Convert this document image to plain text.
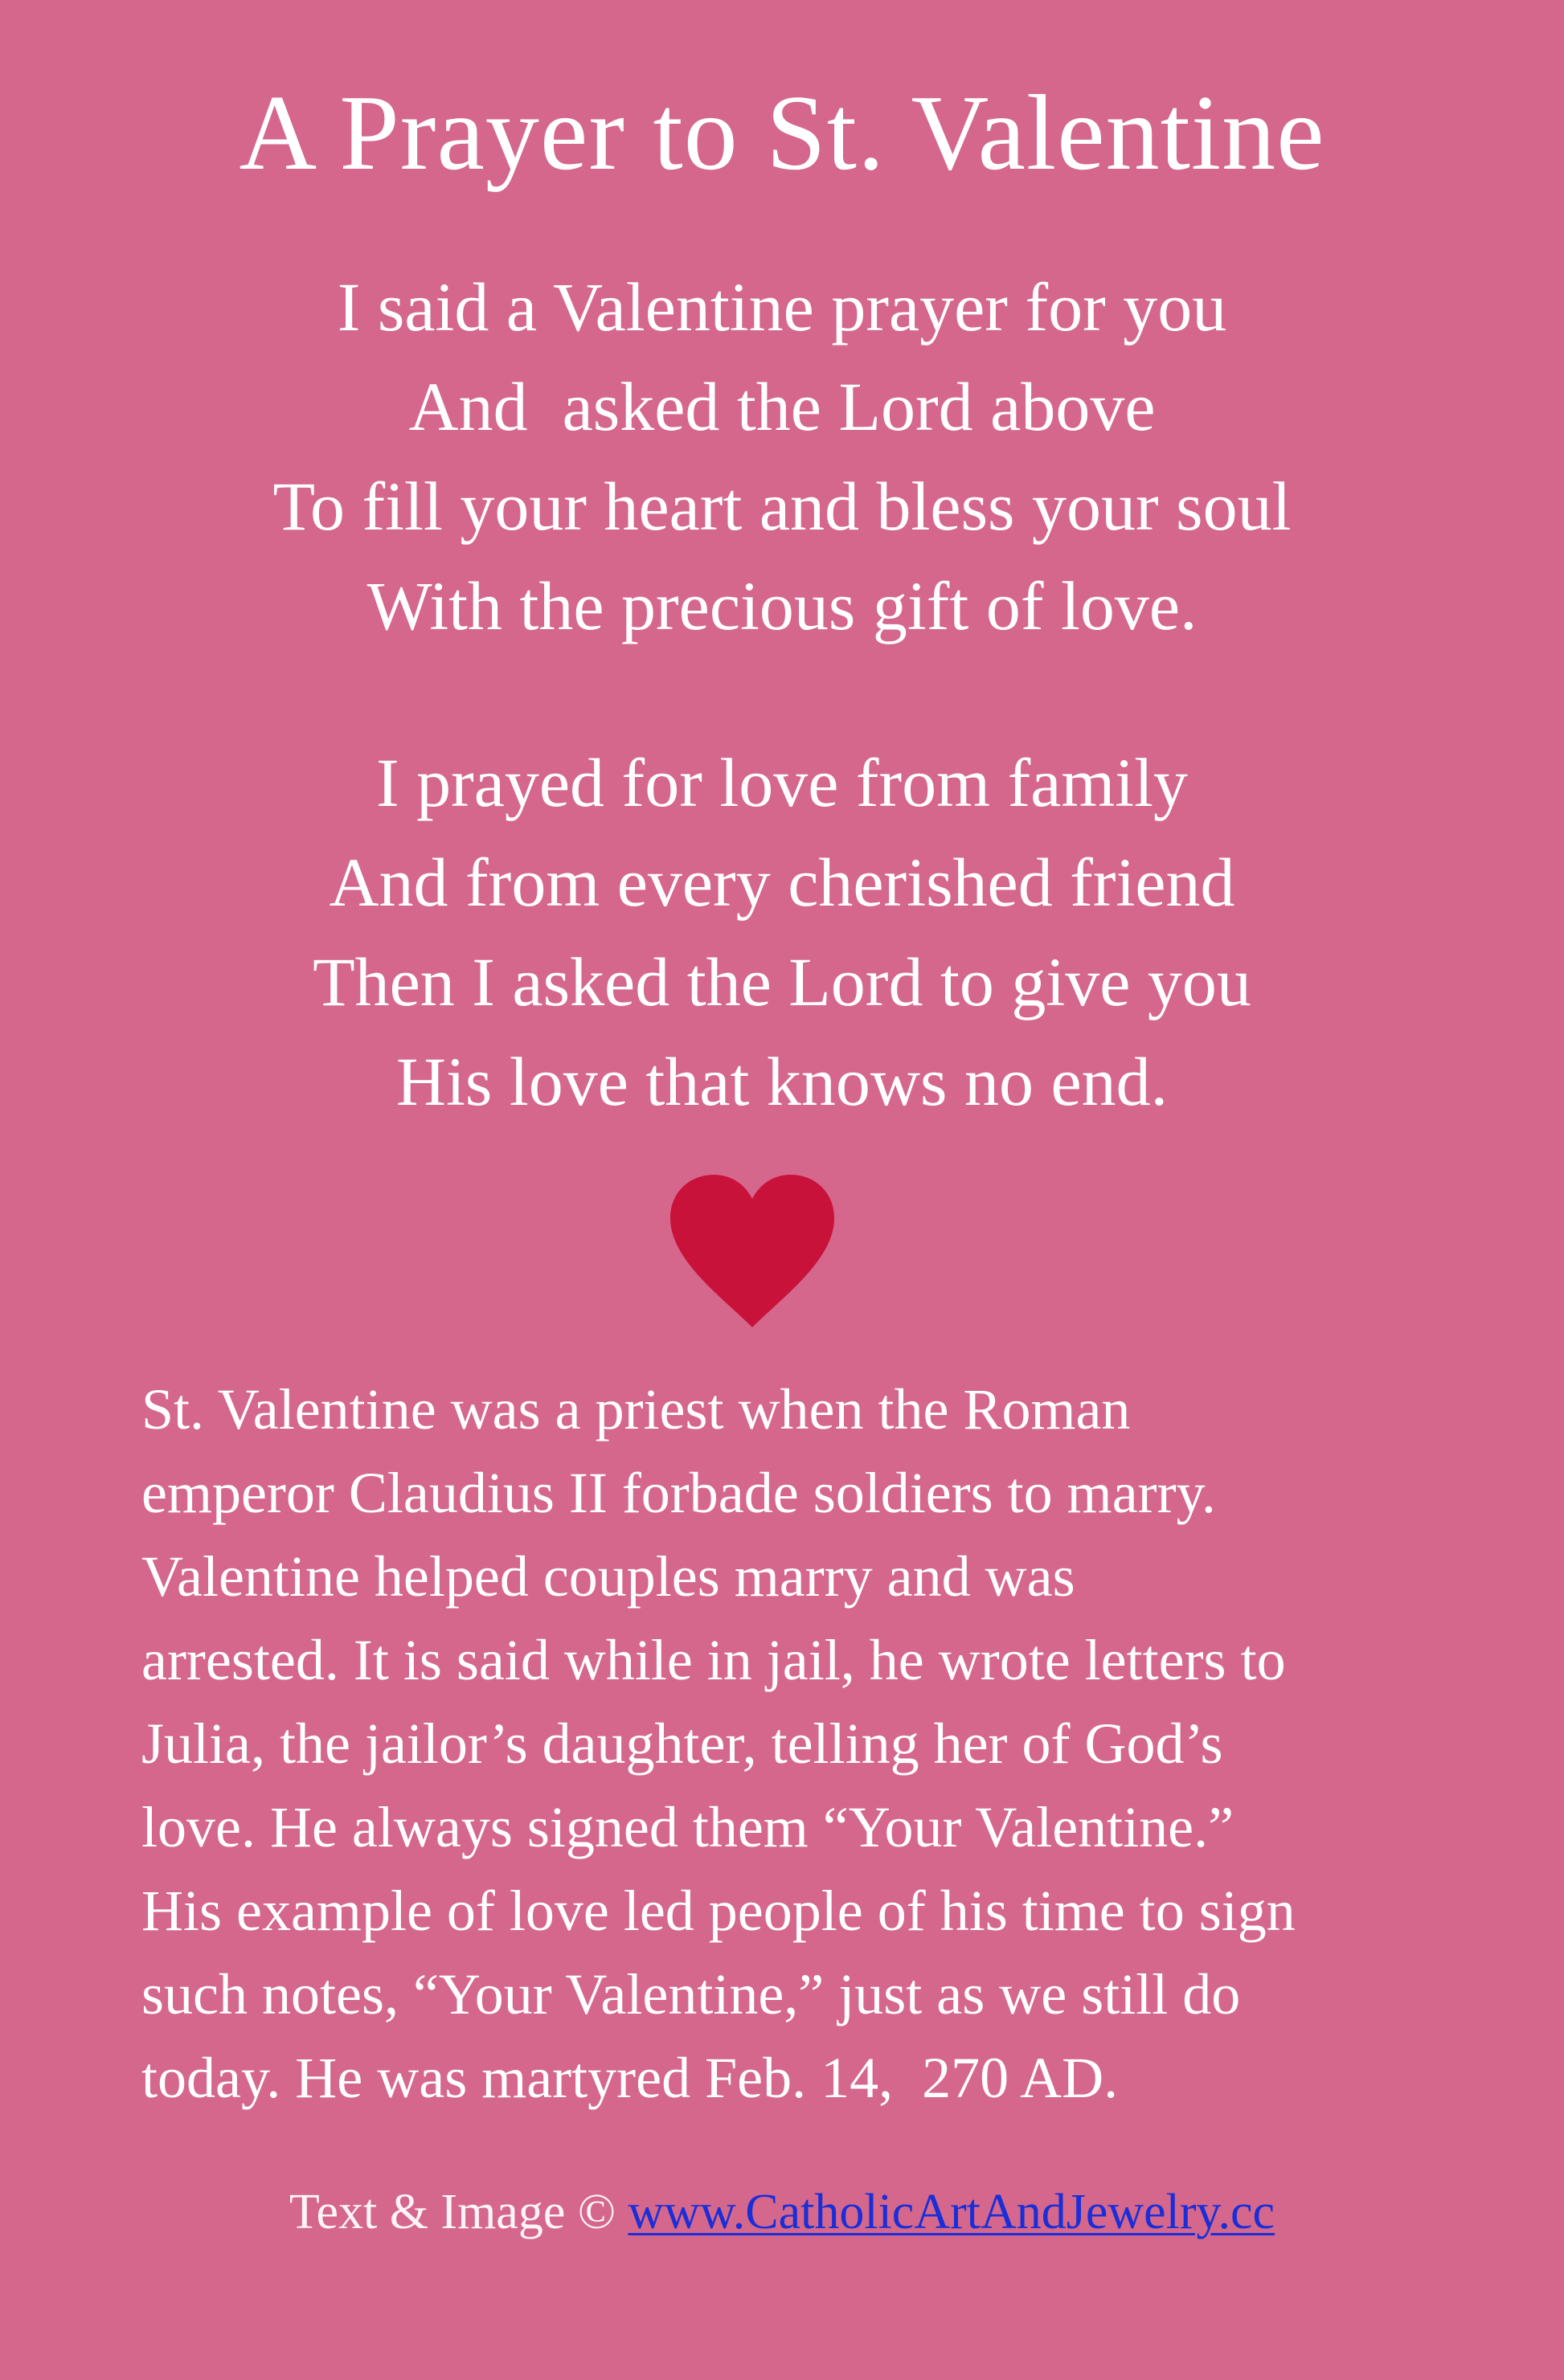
A Prayer to St. Valentine
I said a Valentine prayer for you
And  asked the Lord above
To fill your heart and bless your soul
With the precious gift of love.
I prayed for love from family
And from every cherished friend
Then I asked the Lord to give you
His love that knows no end.
St. Valentine was a priest when the Roman
emperor Claudius II forbade soldiers to marry.
Valentine helped couples marry and was
arrested. It is said while in jail, he wrote letters to
Julia, the jailor’s daughter, telling her of God’s
love. He always signed them “Your Valentine.”
His example of love led people of his time to sign
such notes, “Your Valentine,” just as we still do
today. He was martyred Feb. 14,  270 AD.
Text & Image © www.CatholicArtAndJewelry.cc
